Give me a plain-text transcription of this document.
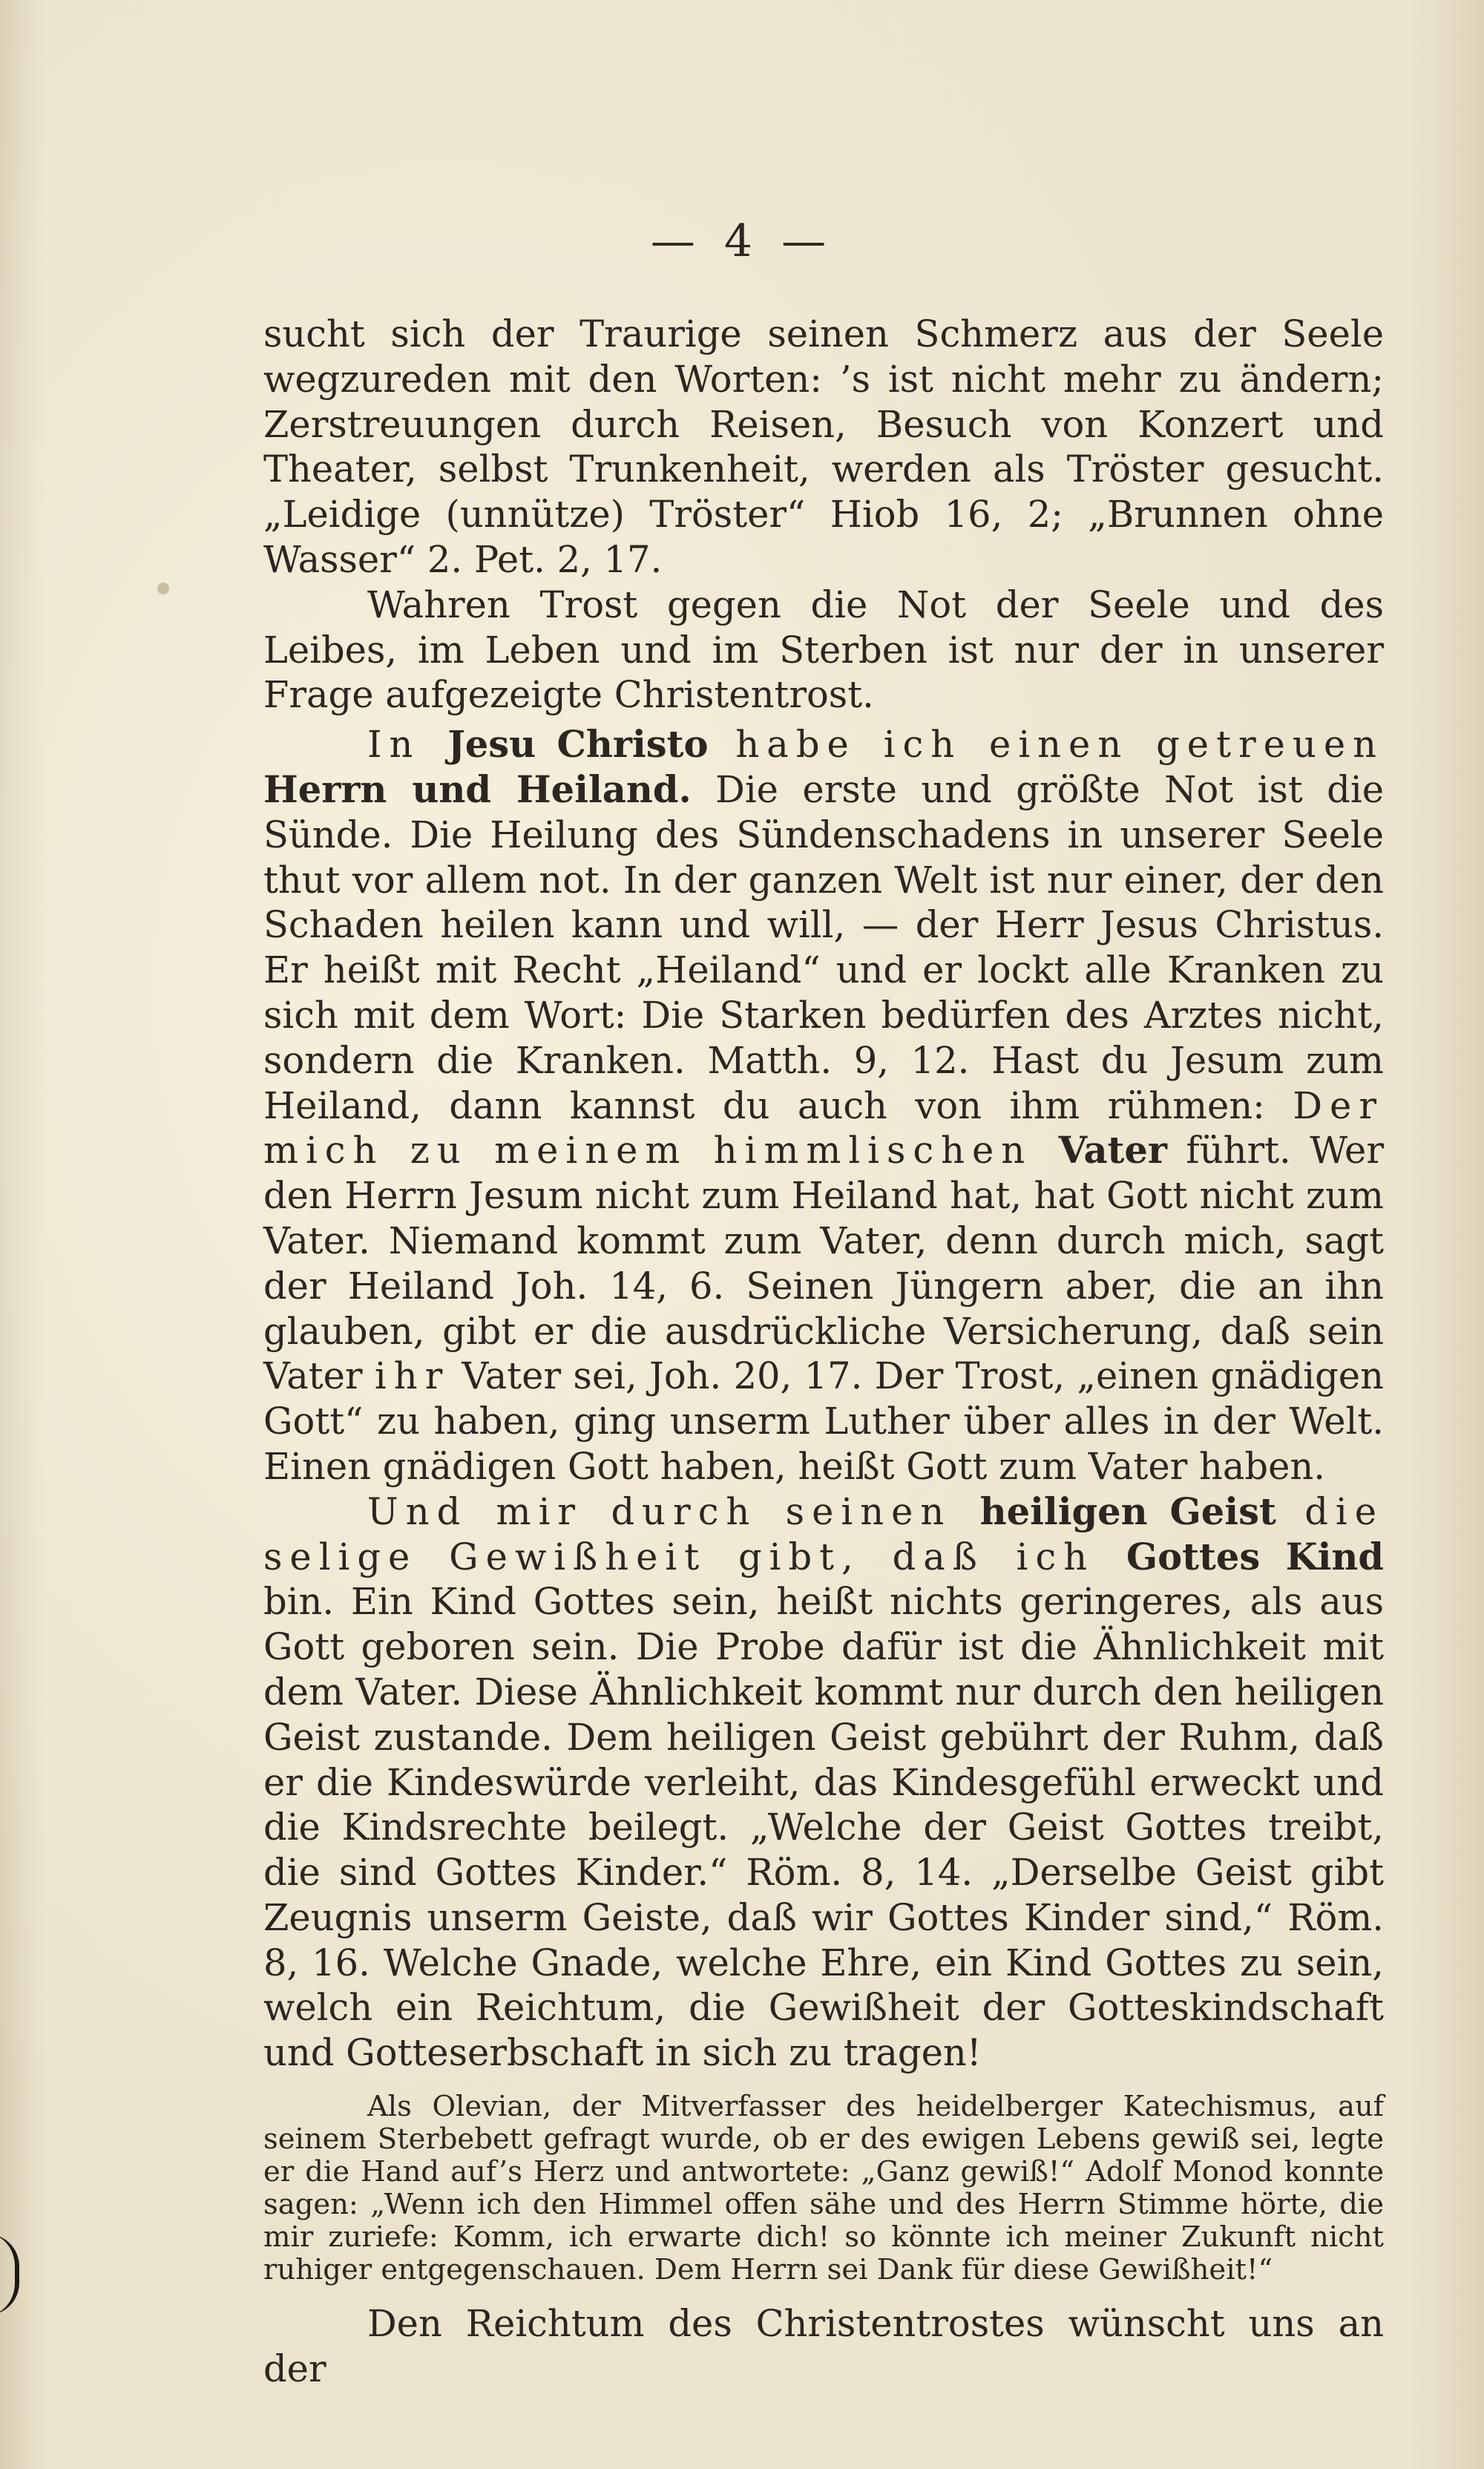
— 4 —

sucht sich der Traurige seinen Schmerz aus der Seele wegzureden mit den Worten: ’s ist nicht mehr zu ändern; Zerstreuungen durch Reisen, Besuch von Konzert und Theater, selbst Trunkenheit, werden als Tröster gesucht. „Leidige (unnütze) Tröster“ Hiob 16, 2; „Brunnen ohne Wasser“ 2. Pet. 2, 17.

Wahren Trost gegen die Not der Seele und des Leibes, im Leben und im Sterben ist nur der in unserer Frage aufgezeigte Christentrost.

In Jesu Christo habe ich einen getreuen Herrn und Heiland. Die erste und größte Not ist die Sünde. Die Heilung des Sündenschadens in unserer Seele thut vor allem not. In der ganzen Welt ist nur einer, der den Schaden heilen kann und will, — der Herr Jesus Christus. Er heißt mit Recht „Heiland“ und er lockt alle Kranken zu sich mit dem Wort: Die Starken bedürfen des Arztes nicht, sondern die Kranken. Matth. 9, 12. Hast du Jesum zum Heiland, dann kannst du auch von ihm rühmen: Der mich zu meinem himmlischen Vater führt. Wer den Herrn Jesum nicht zum Heiland hat, hat Gott nicht zum Vater. Niemand kommt zum Vater, denn durch mich, sagt der Heiland Joh. 14, 6. Seinen Jüngern aber, die an ihn glauben, gibt er die ausdrückliche Versicherung, daß sein Vater ihr Vater sei, Joh. 20, 17. Der Trost, „einen gnädigen Gott“ zu haben, ging unserm Luther über alles in der Welt. Einen gnädigen Gott haben, heißt Gott zum Vater haben.

Und mir durch seinen heiligen Geist die selige Gewißheit gibt, daß ich Gottes Kind bin. Ein Kind Gottes sein, heißt nichts geringeres, als aus Gott geboren sein. Die Probe dafür ist die Ähnlichkeit mit dem Vater. Diese Ähnlichkeit kommt nur durch den heiligen Geist zustande. Dem heiligen Geist gebührt der Ruhm, daß er die Kindeswürde verleiht, das Kindesgefühl erweckt und die Kindsrechte beilegt. „Welche der Geist Gottes treibt, die sind Gottes Kinder.“ Röm. 8, 14. „Derselbe Geist gibt Zeugnis unserm Geiste, daß wir Gottes Kinder sind,“ Röm. 8, 16. Welche Gnade, welche Ehre, ein Kind Gottes zu sein, welch ein Reichtum, die Gewißheit der Gotteskindschaft und Gotteserbschaft in sich zu tragen!

Als Olevian, der Mitverfasser des heidelberger Katechismus, auf seinem Sterbebett gefragt wurde, ob er des ewigen Lebens gewiß sei, legte er die Hand auf’s Herz und antwortete: „Ganz gewiß!“ Adolf Monod konnte sagen: „Wenn ich den Himmel offen sähe und des Herrn Stimme hörte, die mir zuriefe: Komm, ich erwarte dich! so könnte ich meiner Zukunft nicht ruhiger entgegenschauen. Dem Herrn sei Dank für diese Gewißheit!“

Den Reichtum des Christentrostes wünscht uns an der
